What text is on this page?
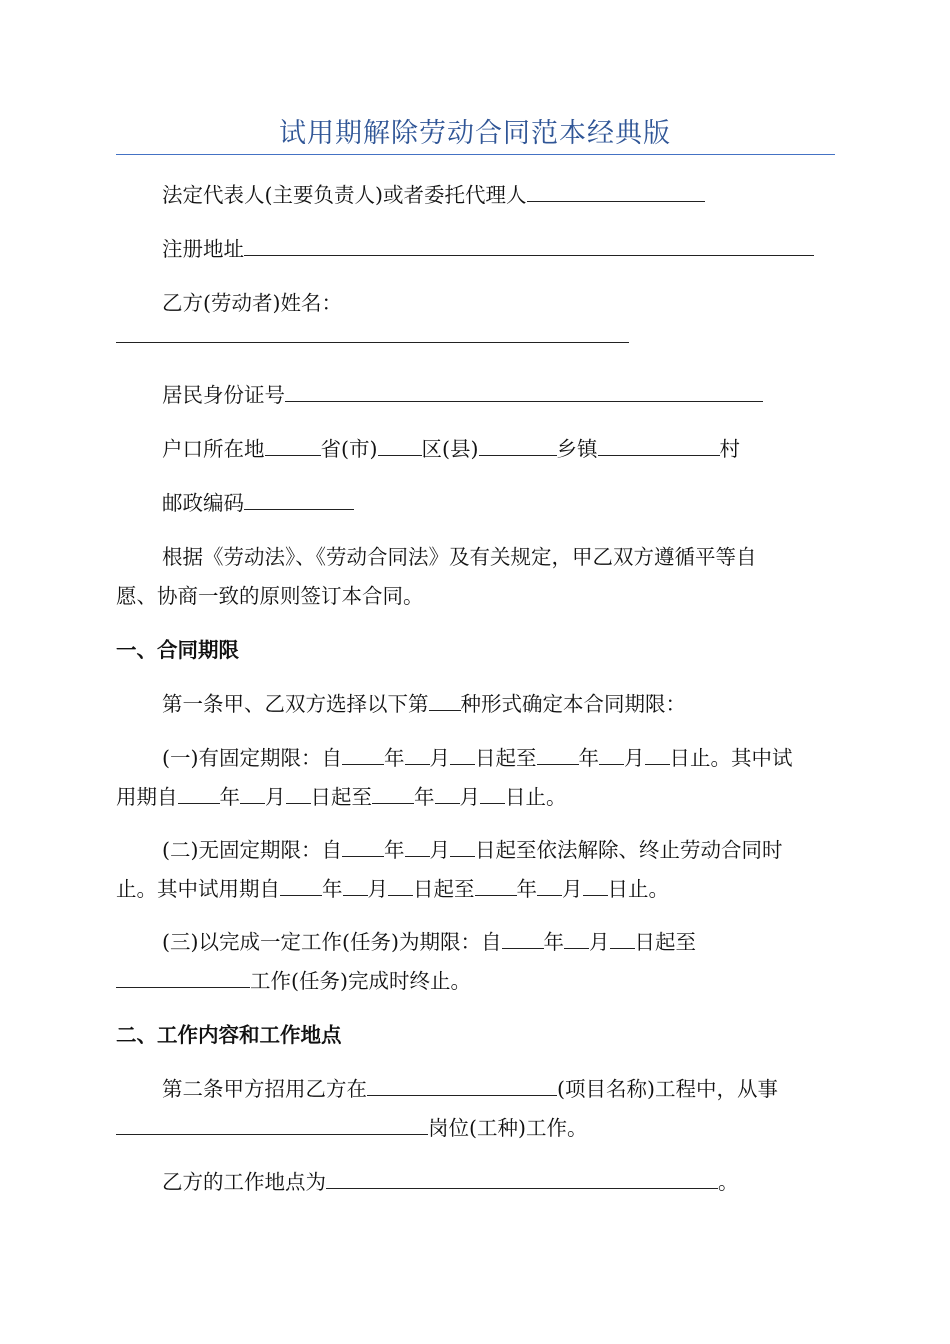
试用期解除劳动合同范本经典版
法定代表人(主要负责人)或者委托代理人
注册地址
乙方(劳动者)姓名：
居民身份证号
户口所在地	省(市) 区(县)	乡镇	村
邮政编码
根据《劳动法》、《劳动合同法》及有关规定，甲乙双方遵循平等自
愿、协商一致的原则签订本合同。
一、合同期限
第一条甲、乙双方选择以下第 种形式确定本合同期限：
(一)有固定期限：自 年 月 日起至 年 月 日止。其中试
用期自 年 月 日起至 年 月 日止。
(二)无固定期限：自 年 月 日起至依法解除、终止劳动合同时
止。其中试用期自 年 月 日起至 年 月 日止。
(三)以完成一定工作(任务)为期限：自 年 月 日起至
工作(任务)完成时终止。
二、工作内容和工作地点
第二条甲方招用乙方在	(项目名称)工程中，从事
岗位(工种)工作。
乙方的工作地点为	。
